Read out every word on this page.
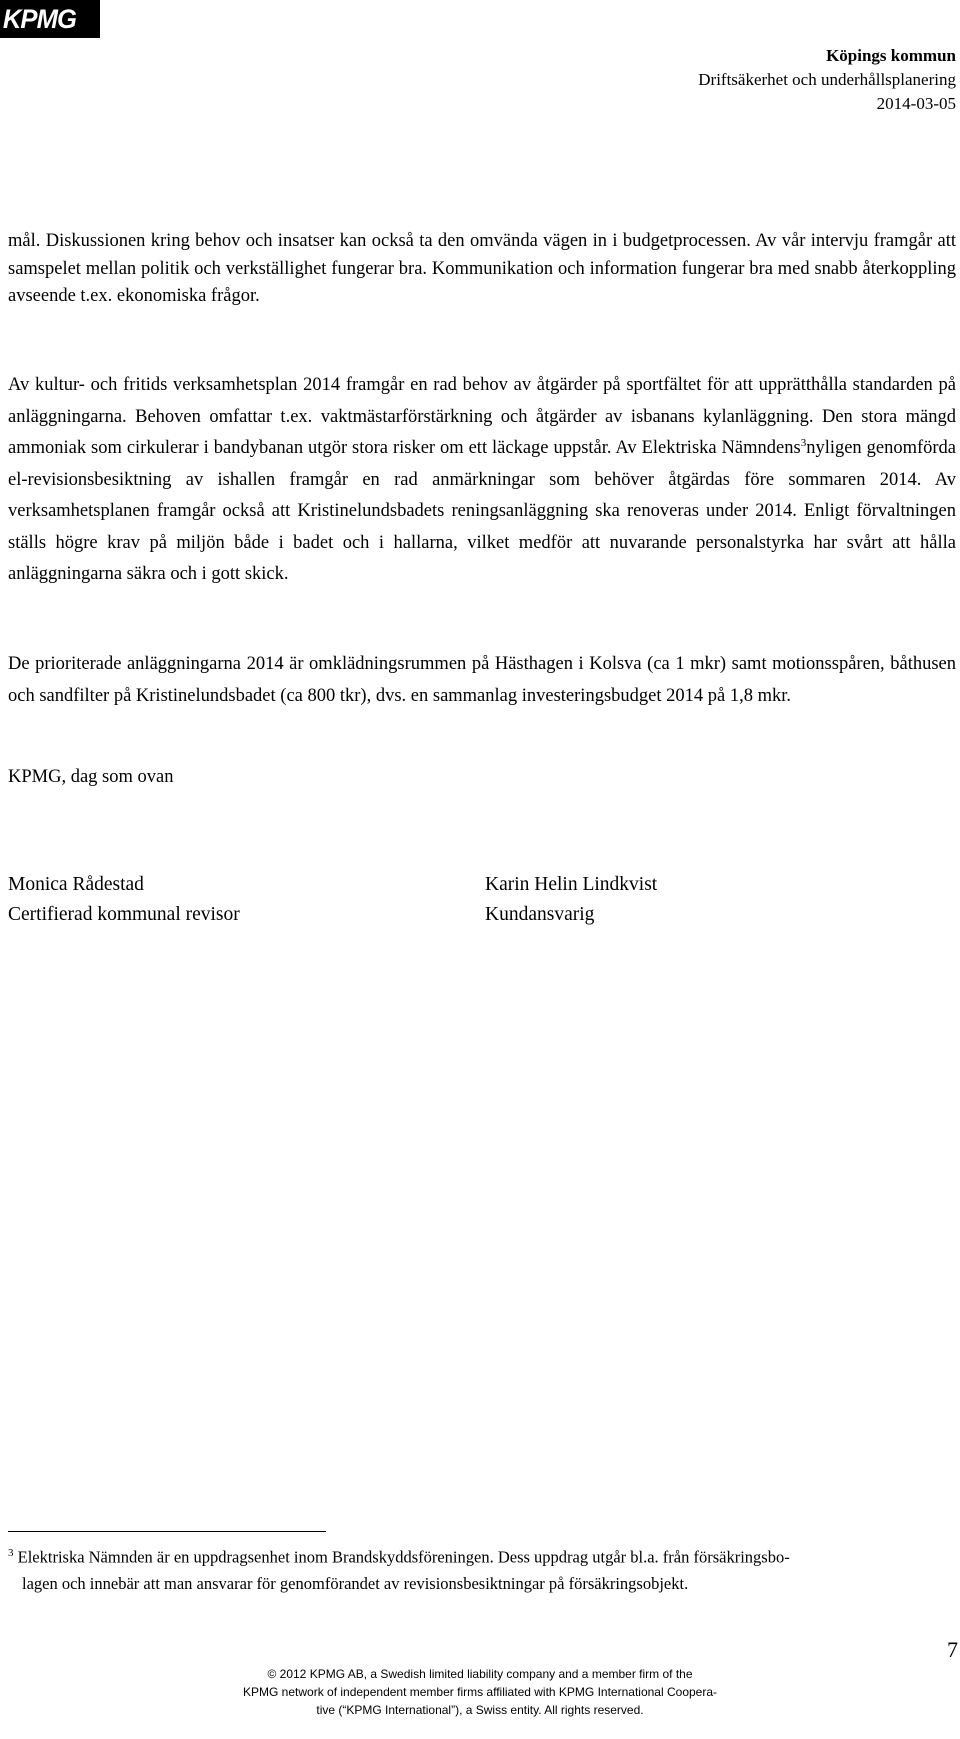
KPMG
Köpings kommun
Driftsäkerhet och underhållsplanering
2014-03-05

mål. Diskussionen kring behov och insatser kan också ta den omvända vägen in i budgetprocessen. Av vår intervju framgår att samspelet mellan politik och verkställighet fungerar bra. Kommunikation och information fungerar bra med snabb återkoppling avseende t.ex. ekonomiska frågor.

Av kultur- och fritids verksamhetsplan 2014 framgår en rad behov av åtgärder på sportfältet för att upprätthålla standarden på anläggningarna. Behoven omfattar t.ex. vaktmästarförstärkning och åtgärder av isbanans kylanläggning. Den stora mängd ammoniak som cirkulerar i bandybanan utgör stora risker om ett läckage uppstår. Av Elektriska Nämndens$^3$nyligen genomförda el-revisionsbesiktning av ishallen framgår en rad anmärkningar som behöver åtgärdas före sommaren 2014. Av verksamhetsplanen framgår också att Kristinelundsbadets reningsanläggning ska renoveras under 2014. Enligt förvaltningen ställs högre krav på miljön både i badet och i hallarna, vilket medför att nuvarande personalstyrka har svårt att hålla anläggningarna säkra och i gott skick.

De prioriterade anläggningarna 2014 är omklädningsrummen på Hästhagen i Kolsva (ca 1 mkr) samt motionsspåren, båthusen och sandfilter på Kristinelundsbadet (ca 800 tkr), dvs. en sammanlag investeringsbudget 2014 på 1,8 mkr.

KPMG, dag som ovan

Monica Rådestad
Certifierad kommunal revisor
Karin Helin Lindkvist
Kundansvarig
$^3$ Elektriska Nämnden är en uppdragsenhet inom Brandskyddsföreningen. Dess uppdrag utgår bl.a. från försäkringsbo-
lagen och innebär att man ansvarar för genomförandet av revisionsbesiktningar på försäkringsobjekt.
7
© 2012 KPMG AB, a Swedish limited liability company and a member firm of the
KPMG network of independent member firms affiliated with KPMG International Coopera-
tive (“KPMG International”), a Swiss entity. All rights reserved.
